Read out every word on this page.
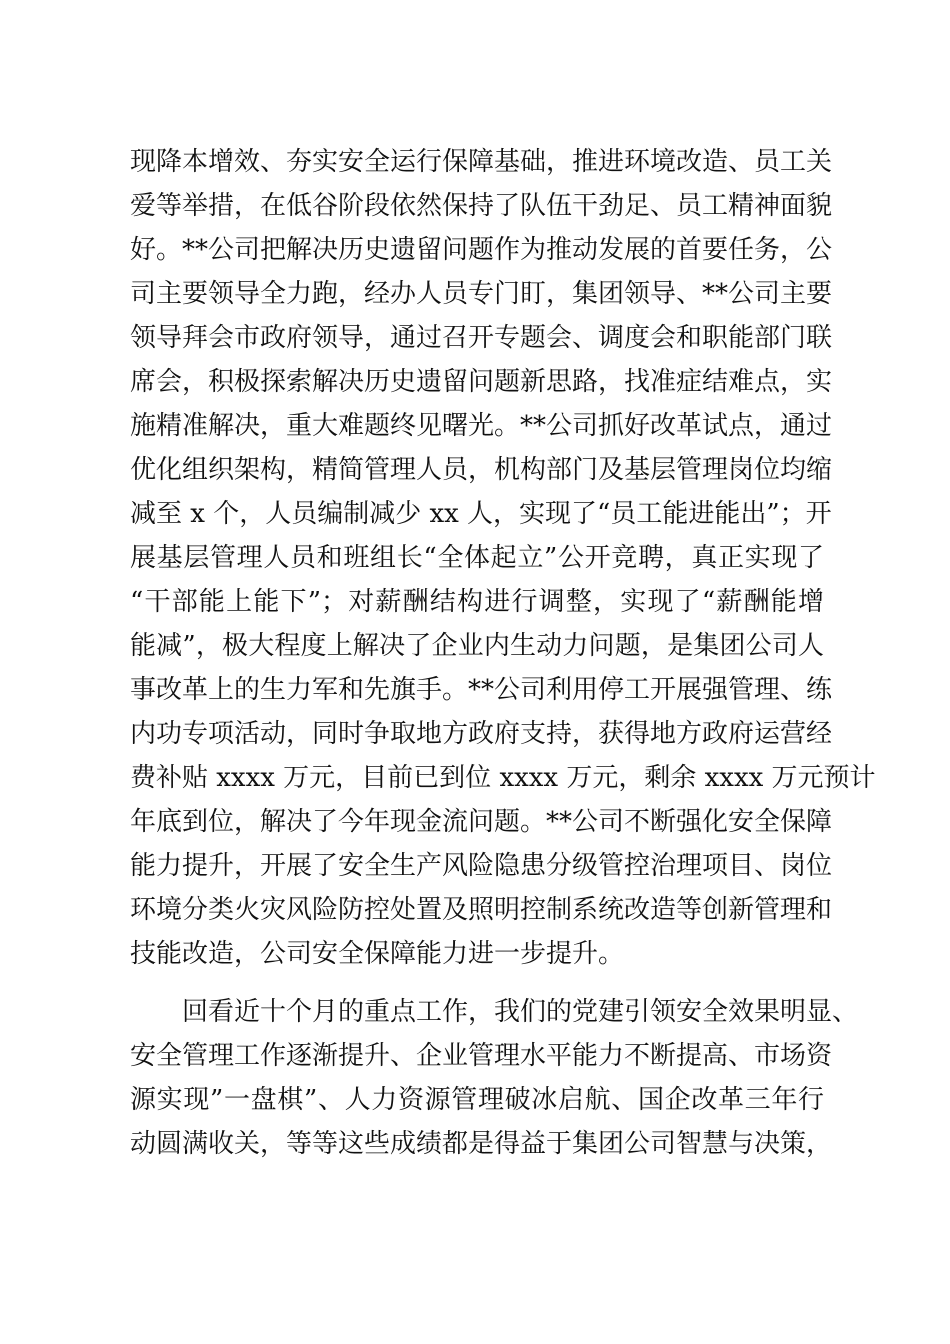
现降本增效、夯实安全运行保障基础，推进环境改造、员工关
爱等举措，在低谷阶段依然保持了队伍干劲足、员工精神面貌
好。**公司把解决历史遗留问题作为推动发展的首要任务，公
司主要领导全力跑，经办人员专门盯，集团领导、**公司主要
领导拜会市政府领导，通过召开专题会、调度会和职能部门联
席会，积极探索解决历史遗留问题新思路，找准症结难点，实
施精准解决，重大难题终见曙光。**公司抓好改革试点，通过
优化组织架构，精简管理人员，机构部门及基层管理岗位均缩
减至 x 个，人员编制减少 xx 人，实现了“员工能进能出”；开
展基层管理人员和班组长“全体起立”公开竞聘，真正实现了
“干部能上能下”；对薪酬结构进行调整，实现了“薪酬能增
能减”，极大程度上解决了企业内生动力问题，是集团公司人
事改革上的生力军和先旗手。**公司利用停工开展强管理、练
内功专项活动，同时争取地方政府支持，获得地方政府运营经
费补贴 xxxx 万元，目前已到位 xxxx 万元，剩余 xxxx 万元预计
年底到位，解决了今年现金流问题。**公司不断强化安全保障
能力提升，开展了安全生产风险隐患分级管控治理项目、岗位
环境分类火灾风险防控处置及照明控制系统改造等创新管理和
技能改造，公司安全保障能力进一步提升。
回看近十个月的重点工作，我们的党建引领安全效果明显、
安全管理工作逐渐提升、企业管理水平能力不断提高、市场资
源实现”一盘棋”、人力资源管理破冰启航、国企改革三年行
动圆满收关，等等这些成绩都是得益于集团公司智慧与决策，
